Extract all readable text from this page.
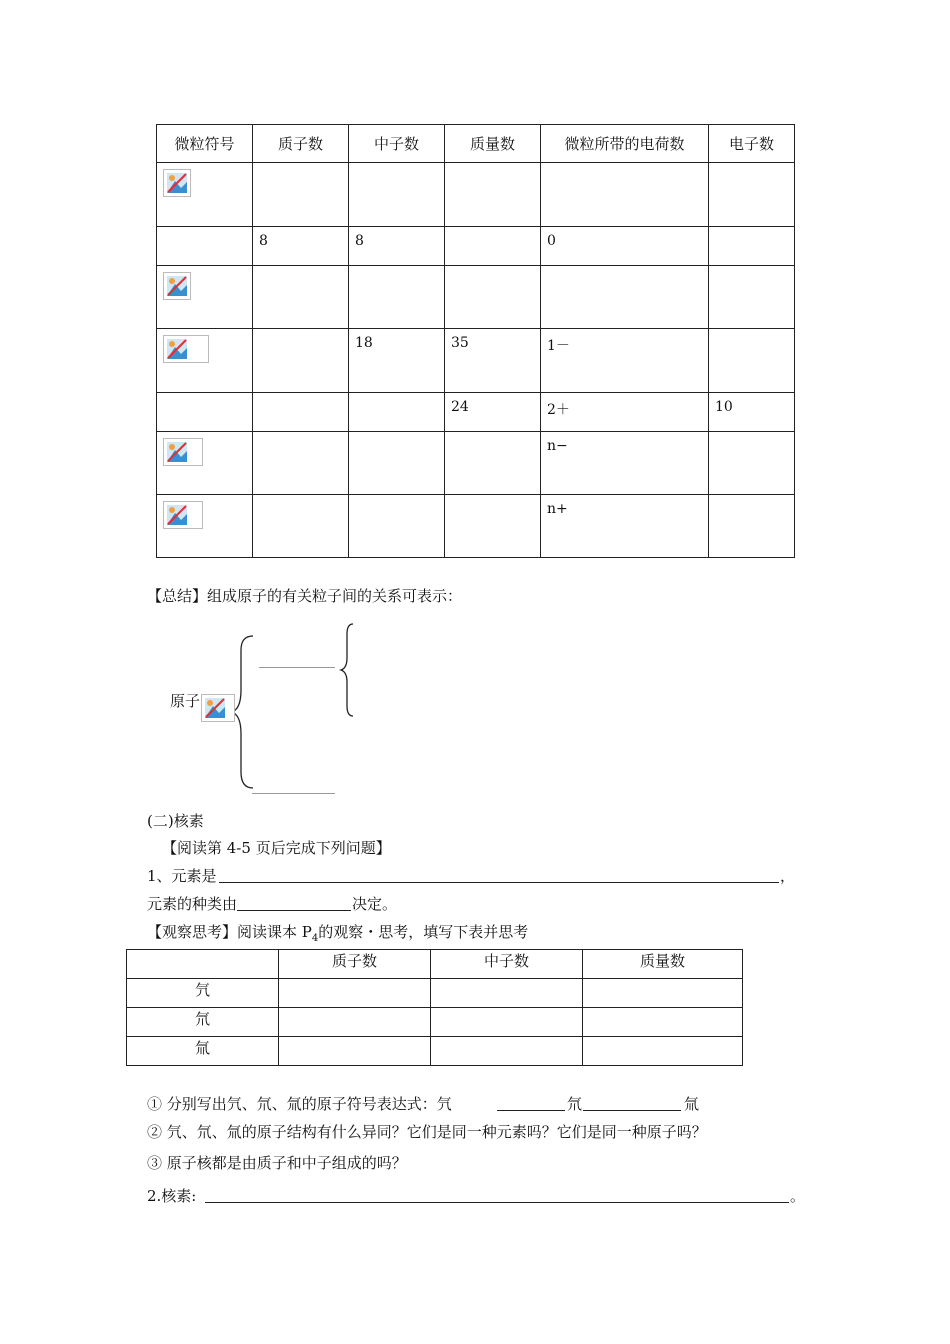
微粒符号	质子数	中子数	质量数	微粒所带的电荷数	电子数

	8	8		0	

		18	35	1－	
			24	2＋	10

				n−	

				n+	
【总结】组成原子的有关粒子间的关系可表示：
原子
(二)核素
【阅读第 4-5 页后完成下列问题】
1、元素是	，
元素的种类由	决定。
【观察思考】阅读课本 $P_4$的观察・思考，填写下表并思考
	质子数	中子数	质量数
氕			
氘			
氚			
① 分别写出氕、氘、氚的原子符号表达式：氕	氘	氚
② 氕、氘、氚的原子结构有什么异同？它们是同一种元素吗？它们是同一种原子吗？
③ 原子核都是由质子和中子组成的吗？
2.核素:	。
